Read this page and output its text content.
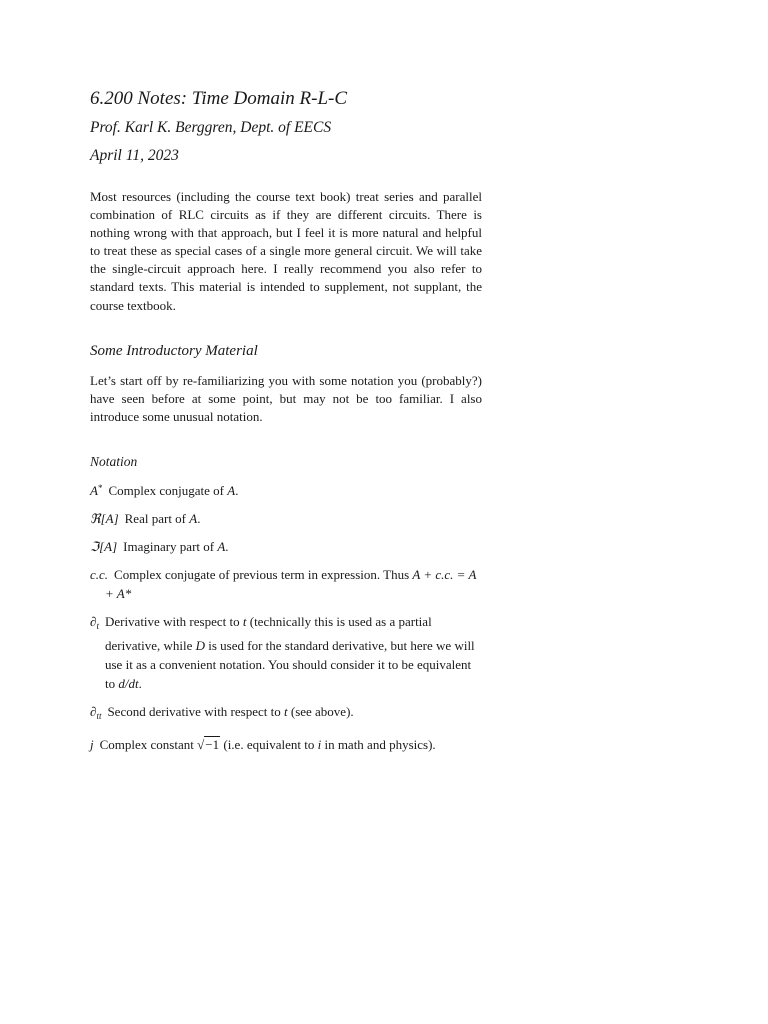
6.200 Notes: Time Domain R-L-C
Prof. Karl K. Berggren, Dept. of EECS
April 11, 2023

Most resources (including the course text book) treat series and parallel combination of RLC circuits as if they are different circuits. There is nothing wrong with that approach, but I feel it is more natural and helpful to treat these as special cases of a single more general circuit. We will take the single-circuit approach here. I really recommend you also refer to standard texts. This material is intended to supplement, not supplant, the course textbook.

Some Introductory Material

Let’s start off by re-familiarizing you with some notation you (probably?) have seen before at some point, but may not be too familiar. I also introduce some unusual notation.

Notation
A* Complex conjugate of A.
ℜ[A] Real part of A.
ℑ[A] Imaginary part of A.
c.c. Complex conjugate of previous term in expression. Thus A + c.c. = A + A*
$\partial_t$ Derivative with respect to t (technically this is used as a partial derivative, while D is used for the standard derivative, but here we will use it as a convenient notation. You should consider it to be equivalent to d/dt.
$\partial_{tt}$ Second derivative with respect to t (see above).
j Complex constant √−1 (i.e. equivalent to i in math and physics).
